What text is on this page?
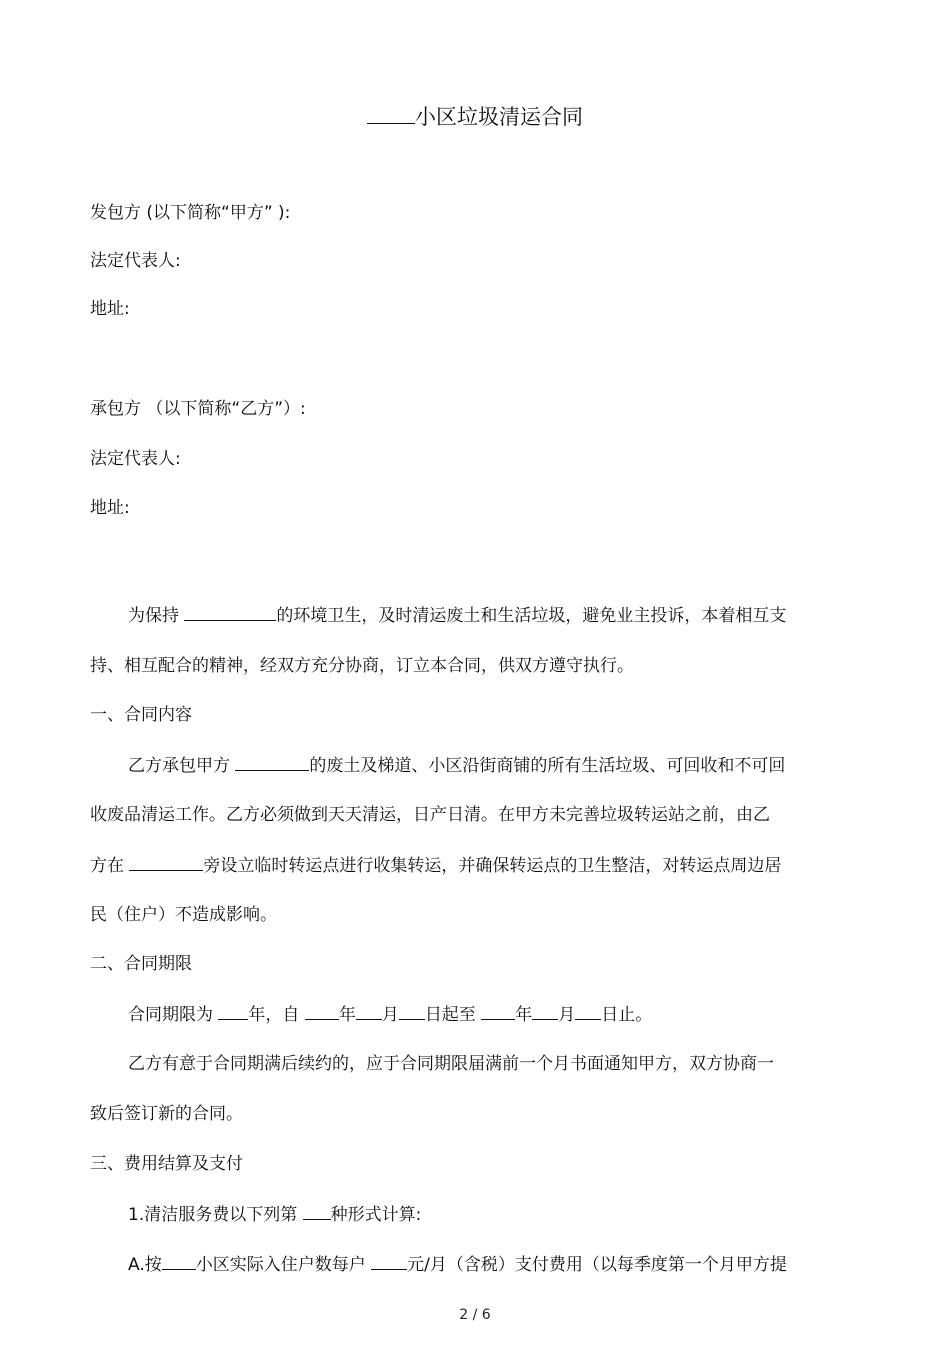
小区垃圾清运合同
发包方 (以下简称“甲方” ):
法定代表人:
地址:
承包方 （以下简称“乙方”）:
法定代表人:
地址:
为保持	的环境卫生，及时清运废土和生活垃圾，避免业主投诉，本着相互支
持、相互配合的精神，经双方充分协商，订立本合同，供双方遵守执行。
一、合同内容
乙方承包甲方	的废土及梯道、小区沿街商铺的所有生活垃圾、可回收和不可回
收废品清运工作。乙方必须做到天天清运，日产日清。在甲方未完善垃圾转运站之前，由乙
方在	旁设立临时转运点进行收集转运，并确保转运点的卫生整洁，对转运点周边居
民（住户）不造成影响。
二、合同期限
合同期限为 年，自 年 月 日起至 年 月 日止。
乙方有意于合同期满后续约的，应于合同期限届满前一个月书面通知甲方，双方协商一
致后签订新的合同。
三、费用结算及支付
1.清洁服务费以下列第 种形式计算:
A.按 小区实际入住户数每户 元/月（含税）支付费用（以每季度第一个月甲方提
2 / 6
